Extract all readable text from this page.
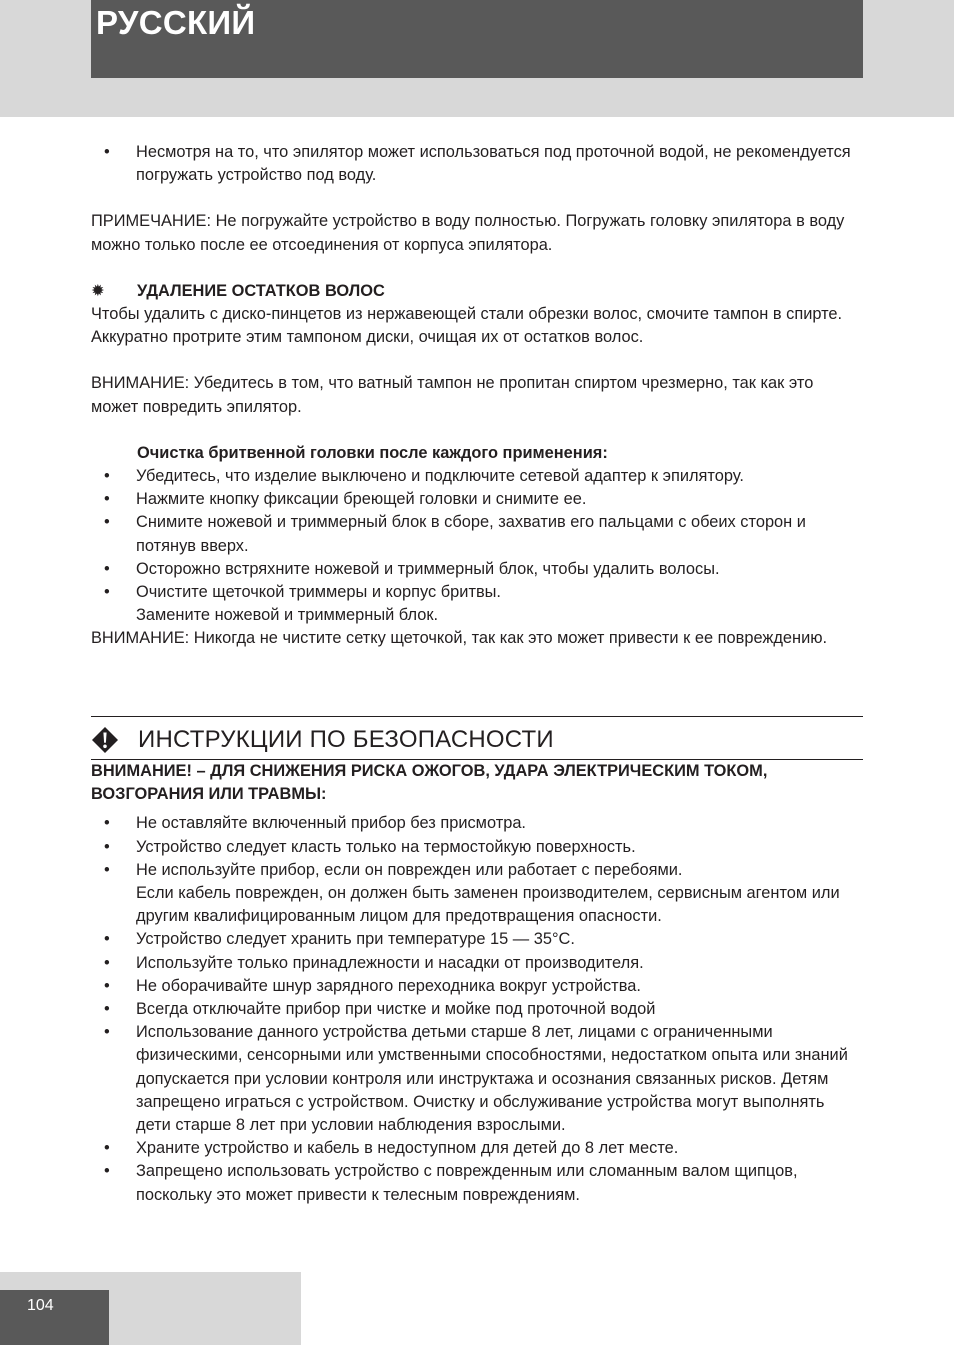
РУССКИЙ
• Несмотря на то, что эпилятор может использоваться под проточной водой, не рекомендуется погружать устройство под воду.

ПРИМЕЧАНИЕ: Не погружайте устройство в воду полностью. Погружать головку эпилятора в воду можно только после ее отсоединения от корпуса эпилятора.

✹ УДАЛЕНИЕ ОСТАТКОВ ВОЛОС

Чтобы удалить с диско-пинцетов из нержавеющей стали обрезки волос, смочите тампон в спирте.

Аккуратно протрите этим тампоном диски, очищая их от остатков волос.

ВНИМАНИЕ: Убедитесь в том, что ватный тампон не пропитан спиртом чрезмерно, так как это может повредить эпилятор.

Очистка бритвенной головки после каждого применения:

• Убедитесь, что изделие выключено и подключите сетевой адаптер к эпилятору.
• Нажмите кнопку фиксации бреющей головки и снимите ее.
• Снимите ножевой и триммерный блок в сборе, захватив его пальцами с обеих сторон и потянув вверх.
• Осторожно встряхните ножевой и триммерный блок, чтобы удалить волосы.
• Очистите щеточкой триммеры и корпус бритвы.
Замените ножевой и триммерный блок.

ВНИМАНИЕ: Никогда не чистите сетку щеточкой, так как это может привести к ее повреждению.

ИНСТРУКЦИИ ПО БЕЗОПАСНОСТИ

ВНИМАНИЕ! – ДЛЯ СНИЖЕНИЯ РИСКА ОЖОГОВ, УДАРА ЭЛЕКТРИЧЕСКИМ ТОКОМ, ВОЗГОРАНИЯ ИЛИ ТРАВМЫ:

• Не оставляйте включенный прибор без присмотра.
• Устройство следует класть только на термостойкую поверхность.
• Не используйте прибор, если он поврежден или работает с перебоями.
Если кабель поврежден, он должен быть заменен производителем, сервисным агентом или другим квалифицированным лицом для предотвращения опасности.
• Устройство следует хранить при температуре 15 — 35°C.
• Используйте только принадлежности и насадки от производителя.
• Не оборачивайте шнур зарядного переходника вокруг устройства.
• Всегда отключайте прибор при чистке и мойке под проточной водой
• Использование данного устройства детьми старше 8 лет, лицами с ограниченными физическими, сенсорными или умственными способностями, недостатком опыта или знаний допускается при условии контроля или инструктажа и осознания связанных рисков. Детям запрещено играться с устройством. Очистку и обслуживание устройства могут выполнять дети старше 8 лет при условии наблюдения взрослыми.
• Храните устройство и кабель в недоступном для детей до 8 лет месте.
• Запрещено использовать устройство с поврежденным или сломанным валом щипцов, поскольку это может привести к телесным повреждениям.
104
